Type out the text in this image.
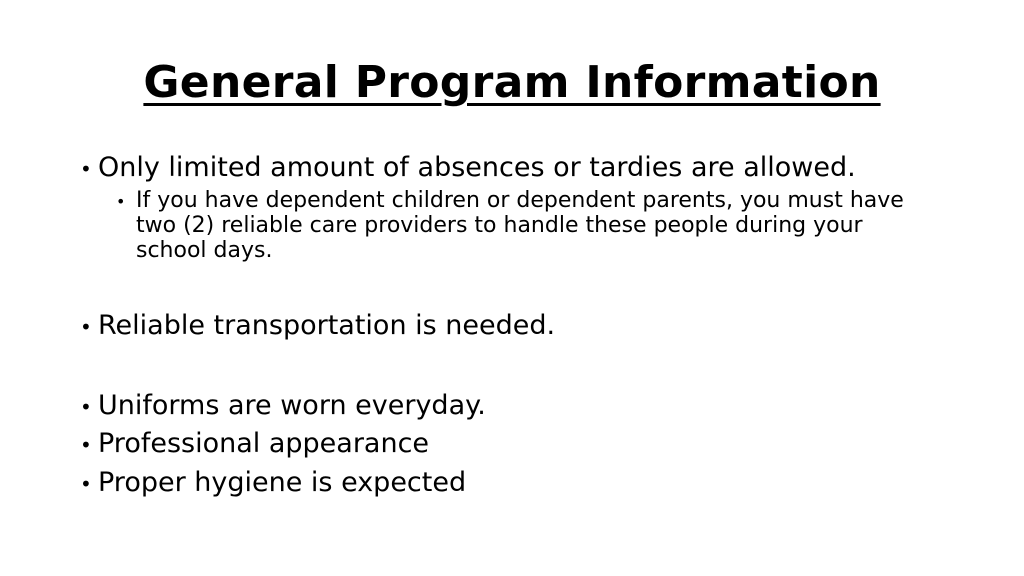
General Program Information
• Only limited amount of absences or tardies are allowed.
• If you have dependent children or dependent parents, you must have two (2) reliable care providers to handle these people during your school days.
• Reliable transportation is needed.
• Uniforms are worn everyday.
• Professional appearance
• Proper hygiene is expected
